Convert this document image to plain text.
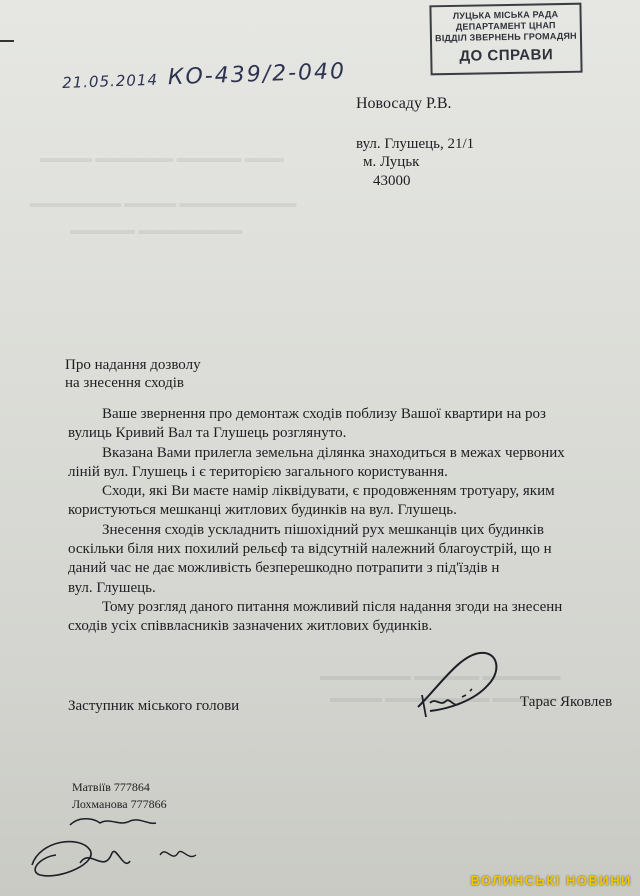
▬▬▬▬ ▬▬▬▬▬▬ ▬▬▬▬▬ ▬▬▬
▬▬▬▬▬▬▬ ▬▬▬▬ ▬▬▬▬▬▬▬▬▬
▬▬▬▬▬ ▬▬▬▬▬▬▬▬
▬▬▬▬▬▬▬ ▬▬▬▬▬ ▬▬▬▬▬▬
▬▬▬▬ ▬▬▬▬▬▬▬▬ ▬▬▬▬▬
ЛУЦЬКА МІСЬКА РАДА
ДЕПАРТАМЕНТ ЦНАП
ВІДДІЛ ЗВЕРНЕНЬ ГРОМАДЯН
ДО СПРАВИ
21.05.2014 КО-439/2-040
Новосаду Р.В.
вул. Глушець, 21/1
м. Луцьк
43000
Про надання дозволу
на знесення сходів

Ваше звернення про демонтаж сходів поблизу Вашої квартири на роз

вулиць Кривий Вал та Глушець розглянуто.

Вказана Вами прилегла земельна ділянка знаходиться в межах червоних

ліній вул. Глушець і є територією загального користування.

Сходи, які Ви маєте намір ліквідувати, є продовженням тротуару, яким

користуються мешканці житлових будинків на вул. Глушець.

Знесення сходів ускладнить пішохідний рух мешканців цих будинків

оскільки біля них похилий рельєф та відсутній належний благоустрій, що н

даний час не дає можливість безперешкодно потрапити з під'їздів н

вул. Глушець.

Тому розгляд даного питання можливий після надання згоди на знесенн

сходів усіх співвласників зазначених житлових будинків.

Заступник міського голови	Тарас Яковлев
Матвіїв 777864
Лохманова 777866
ВОЛИНСЬКІ НОВИНИ
